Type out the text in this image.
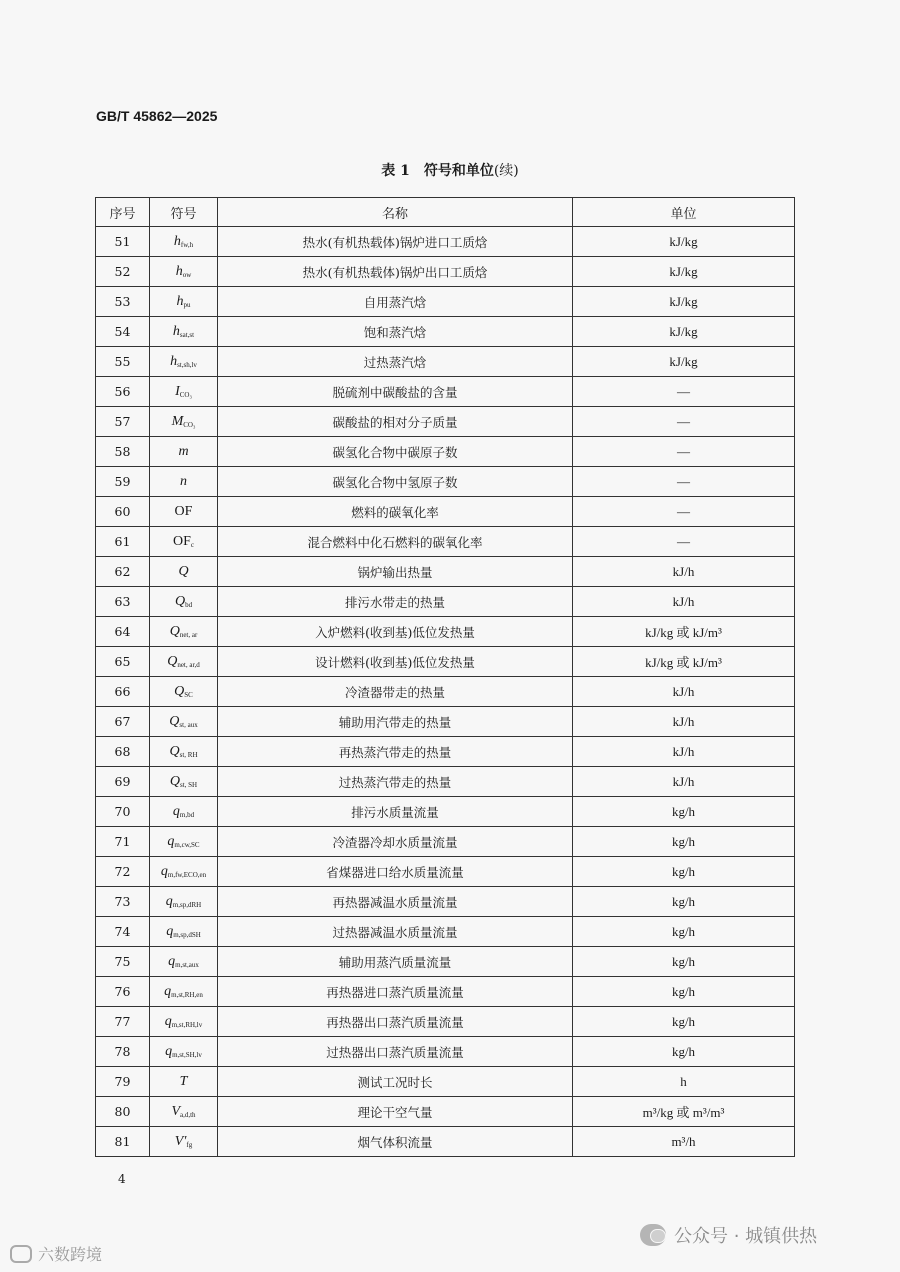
GB/T 45862—2025
表 1　符号和单位(续)
序号	符号	名称	单位
51	$h_{fw,h}$	热水(有机热载体)锅炉进口工质焓	kJ/kg
52	$h_{ow}$	热水(有机热载体)锅炉出口工质焓	kJ/kg
53	$h_{pu}$	自用蒸汽焓	kJ/kg
54	$h_{sat,st}$	饱和蒸汽焓	kJ/kg
55	$h_{st,sh,lv}$	过热蒸汽焓	kJ/kg
56	$I_{CO_3}$	脱硫剂中碳酸盐的含量	—
57	$M_{CO_3}$	碳酸盐的相对分子质量	—
58	m	碳氢化合物中碳原子数	—
59	n	碳氢化合物中氢原子数	—
60	OF	燃料的碳氧化率	—
61	$OF_c$	混合燃料中化石燃料的碳氧化率	—
62	Q	锅炉输出热量	kJ/h
63	$Q_{bd}$	排污水带走的热量	kJ/h
64	$Q_{net, ar}$	入炉燃料(收到基)低位发热量	kJ/kg 或 kJ/m³
65	$Q_{net, ar,d}$	设计燃料(收到基)低位发热量	kJ/kg 或 kJ/m³
66	$Q_{SC}$	冷渣器带走的热量	kJ/h
67	$Q_{st, aux}$	辅助用汽带走的热量	kJ/h
68	$Q_{st, RH}$	再热蒸汽带走的热量	kJ/h
69	$Q_{st, SH}$	过热蒸汽带走的热量	kJ/h
70	$q_{m,bd}$	排污水质量流量	kg/h
71	$q_{m,cw,SC}$	冷渣器冷却水质量流量	kg/h
72	$q_{m,fw,ECO,en}$	省煤器进口给水质量流量	kg/h
73	$q_{m,sp,dRH}$	再热器减温水质量流量	kg/h
74	$q_{m,sp,dSH}$	过热器减温水质量流量	kg/h
75	$q_{m,st,aux}$	辅助用蒸汽质量流量	kg/h
76	$q_{m,st,RH,en}$	再热器进口蒸汽质量流量	kg/h
77	$q_{m,st,RH,lv}$	再热器出口蒸汽质量流量	kg/h
78	$q_{m,st,SH,lv}$	过热器出口蒸汽质量流量	kg/h
79	T	测试工况时长	h
80	$V_{a,d,th}$	理论干空气量	m³/kg 或 m³/m³
81	$V'_{fg}$	烟气体积流量	m³/h
4
公众号 · 城镇供热
六数跨境
